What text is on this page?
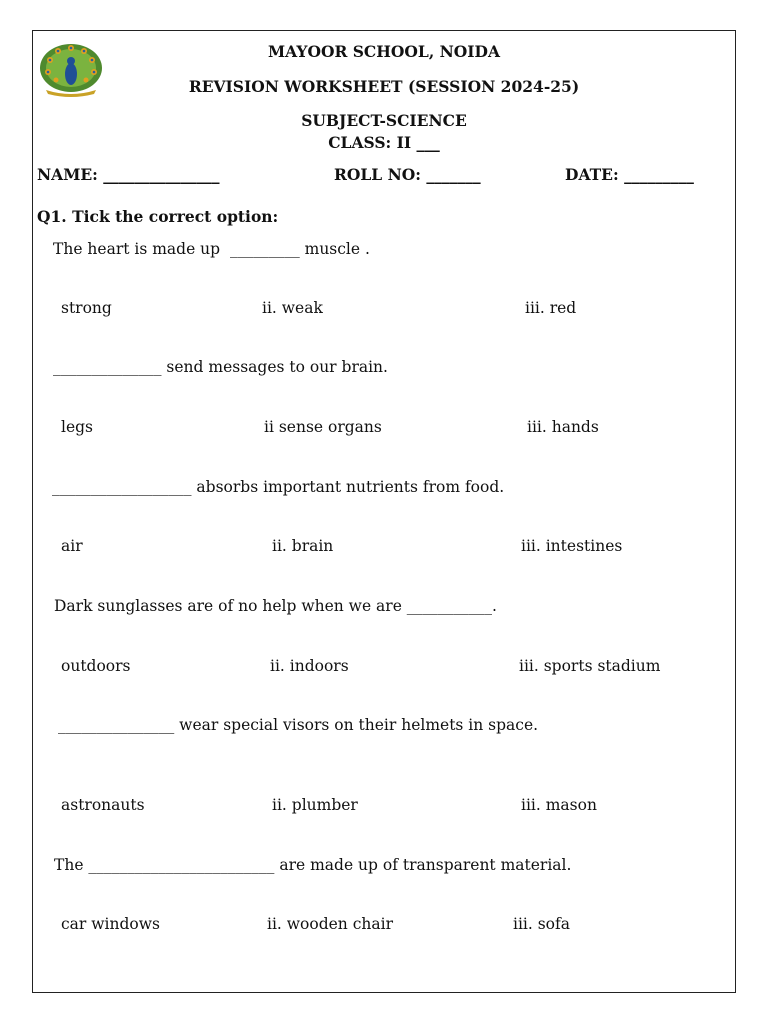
MAYOOR SCHOOL, NOIDA
REVISION WORKSHEET (SESSION 2024-25)
SUBJECT-SCIENCE
CLASS: II ___
NAME: _______________	ROLL NO: _______	DATE: _________
Q1. Tick the correct option:
The heart is made up  _________ muscle .
strong	ii. weak	iii. red
______________ send messages to our brain.
legs	ii sense organs	iii. hands
__________________ absorbs important nutrients from food.
air	ii. brain	iii. intestines
Dark sunglasses are of no help when we are ___________.
outdoors	ii. indoors	iii. sports stadium
_______________ wear special visors on their helmets in space.
astronauts	ii. plumber	iii. mason
The ________________________ are made up of transparent material.
car windows	ii. wooden chair	iii. sofa
